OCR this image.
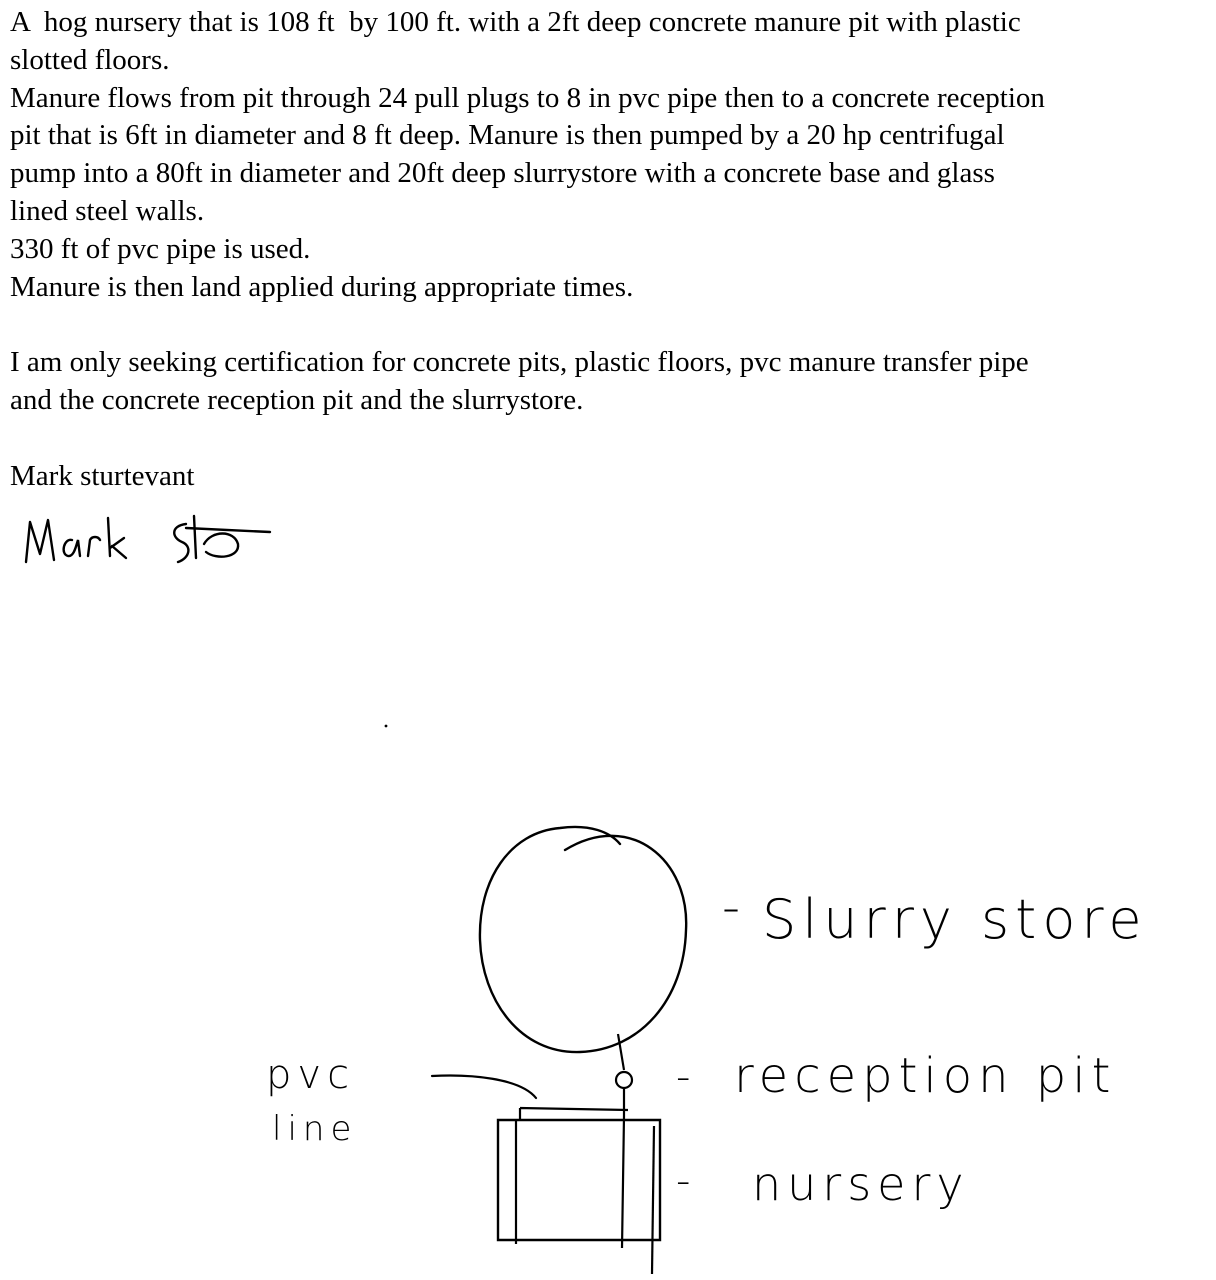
A  hog nursery that is 108 ft  by 100 ft. with a 2ft deep concrete manure pit with plastic

slotted floors.

Manure flows from pit through 24 pull plugs to 8 in pvc pipe then to a concrete reception

pit that is 6ft in diameter and 8 ft deep. Manure is then pumped by a 20 hp centrifugal

pump into a 80ft in diameter and 20ft deep slurrystore with a concrete base and glass

lined steel walls.

330 ft of pvc pipe is used.

Manure is then land applied during appropriate times.

I am only seeking certification for concrete pits, plastic floors, pvc manure transfer pipe

and the concrete reception pit and the slurrystore.

Mark sturtevant

- Slurry store
- reception pit
- nursery
pvc
line
